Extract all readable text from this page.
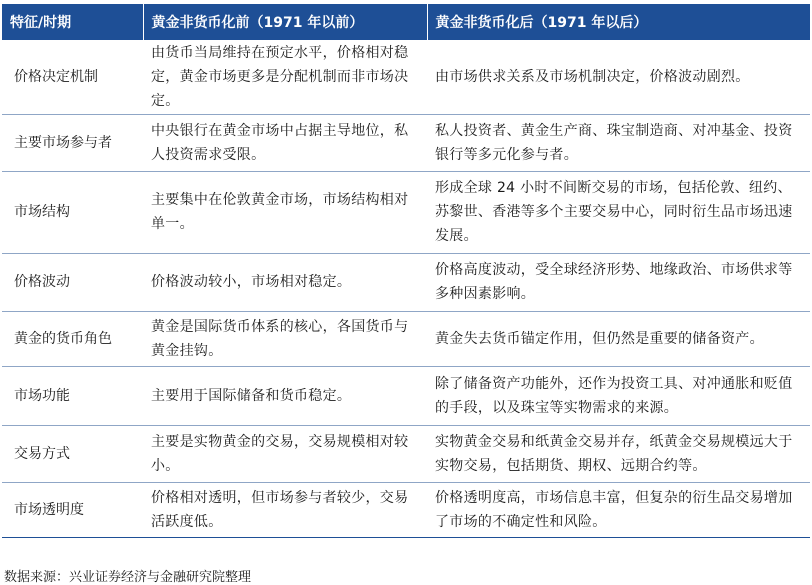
特征/时期	黄金非货币化前（1971 年以前）	黄金非货币化后（1971 年以后）
价格决定机制	由货币当局维持在预定水平，价格相对稳定，黄金市场更多是分配机制而非市场决定。	由市场供求关系及市场机制决定，价格波动剧烈。
主要市场参与者	中央银行在黄金市场中占据主导地位，私人投资需求受限。	私人投资者、黄金生产商、珠宝制造商、对冲基金、投资银行等多元化参与者。
市场结构	主要集中在伦敦黄金市场，市场结构相对单一。	形成全球 24 小时不间断交易的市场，包括伦敦、纽约、苏黎世、香港等多个主要交易中心，同时衍生品市场迅速发展。
价格波动	价格波动较小，市场相对稳定。	价格高度波动，受全球经济形势、地缘政治、市场供求等多种因素影响。
黄金的货币角色	黄金是国际货币体系的核心，各国货币与黄金挂钩。	黄金失去货币锚定作用，但仍然是重要的储备资产。
市场功能	主要用于国际储备和货币稳定。	除了储备资产功能外，还作为投资工具、对冲通胀和贬值的手段，以及珠宝等实物需求的来源。
交易方式	主要是实物黄金的交易，交易规模相对较小。	实物黄金交易和纸黄金交易并存，纸黄金交易规模远大于实物交易，包括期货、期权、远期合约等。
市场透明度	价格相对透明，但市场参与者较少，交易活跃度低。	价格透明度高，市场信息丰富，但复杂的衍生品交易增加了市场的不确定性和风险。
数据来源：兴业证券经济与金融研究院整理
